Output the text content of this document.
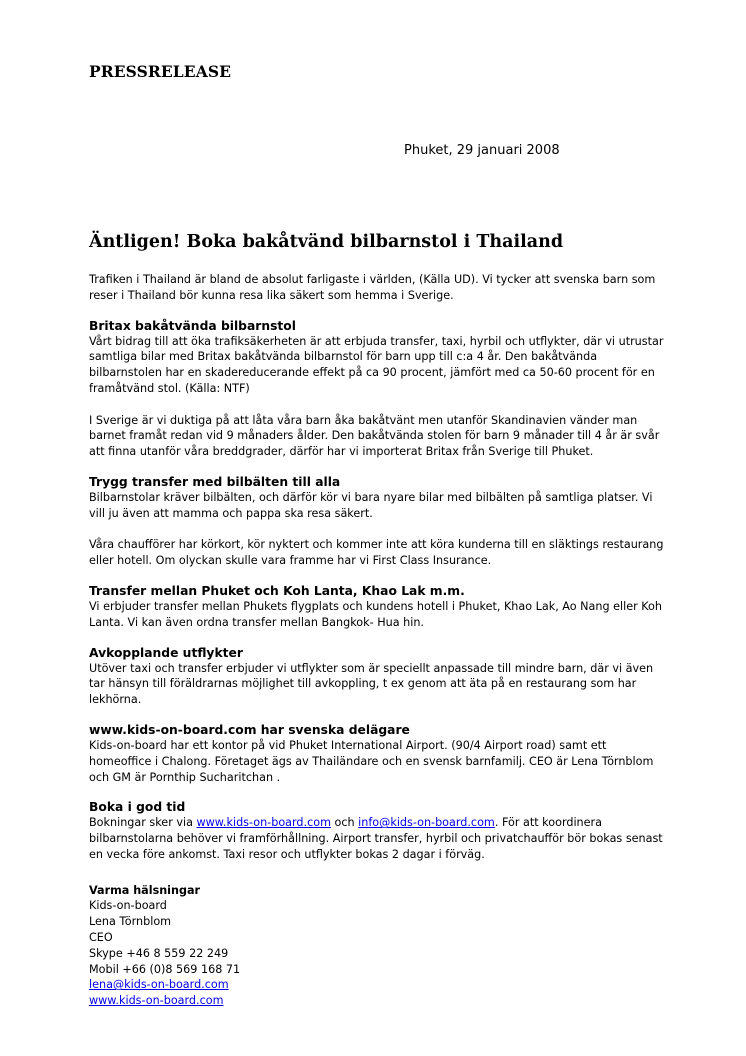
PRESSRELEASE
Phuket, 29 januari 2008
Äntligen! Boka bakåtvänd bilbarnstol i Thailand

Trafiken i Thailand är bland de absolut farligaste i världen, (Källa UD). Vi tycker att svenska barn som reser i Thailand bör kunna resa lika säkert som hemma i Sverige.

Britax bakåtvända bilbarnstol

Vårt bidrag till att öka trafiksäkerheten är att erbjuda transfer, taxi, hyrbil och utflykter, där vi utrustar samtliga bilar med Britax bakåtvända bilbarnstol för barn upp till c:a 4 år. Den bakåtvända bilbarnstolen har en skadereducerande effekt på ca 90 procent, jämfört med ca 50-60 procent för en framåtvänd stol. (Källa: NTF)

I Sverige är vi duktiga på att låta våra barn åka bakåtvänt men utanför Skandinavien vänder man barnet framåt redan vid 9 månaders ålder. Den bakåtvända stolen för barn 9 månader till 4 år är svår att finna utanför våra breddgrader, därför har vi importerat Britax från Sverige till Phuket.

Trygg transfer med bilbälten till alla

Bilbarnstolar kräver bilbälten, och därför kör vi bara nyare bilar med bilbälten på samtliga platser. Vi vill ju även att mamma och pappa ska resa säkert.

Våra chaufförer har körkort, kör nyktert och kommer inte att köra kunderna till en släktings restaurang eller hotell. Om olyckan skulle vara framme har vi First Class Insurance.

Transfer mellan Phuket och Koh Lanta, Khao Lak m.m.

Vi erbjuder transfer mellan Phukets flygplats och kundens hotell i Phuket, Khao Lak, Ao Nang eller Koh Lanta. Vi kan även ordna transfer mellan Bangkok- Hua hin.

Avkopplande utflykter

Utöver taxi och transfer erbjuder vi utflykter som är speciellt anpassade till mindre barn, där vi även tar hänsyn till föräldrarnas möjlighet till avkoppling, t ex genom att äta på en restaurang som har lekhörna.

www.kids-on-board.com har svenska delägare

Kids-on-board har ett kontor på vid Phuket International Airport. (90/4 Airport road) samt ett homeoffice i Chalong. Företaget ägs av Thailändare och en svensk barnfamilj. CEO är Lena Törnblom och GM är Pornthip Sucharitchan .

Boka i god tid

Bokningar sker via www.kids-on-board.com och info@kids-on-board.com. För att koordinera bilbarnstolarna behöver vi framförhållning. Airport transfer, hyrbil och privatchaufför bör bokas senast en vecka före ankomst. Taxi resor och utflykter bokas 2 dagar i förväg.

Varma hälsningar

Kids-on-board

Lena Törnblom

CEO

Skype +46 8 559 22 249

Mobil +66 (0)8 569 168 71

lena@kids-on-board.com

www.kids-on-board.com
